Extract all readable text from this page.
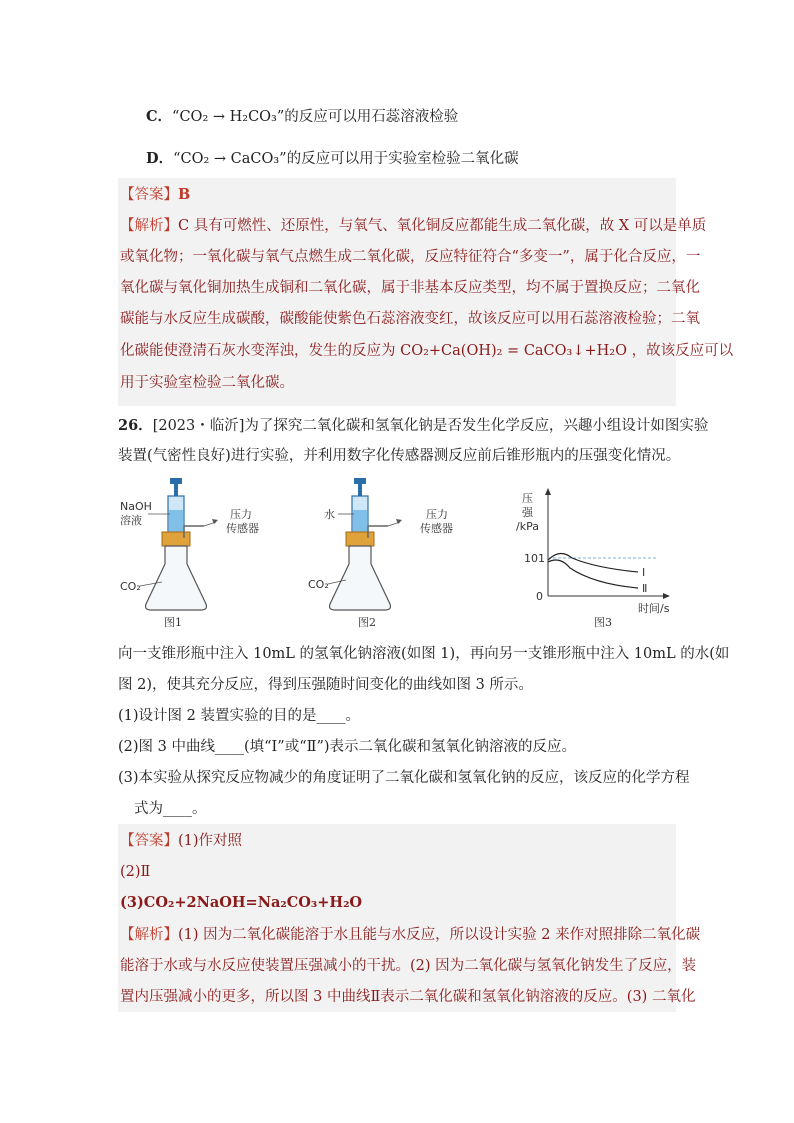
C．“CO₂ → H₂CO₃”的反应可以用石蕊溶液检验
D．“CO₂ → CaCO₃”的反应可以用于实验室检验二氧化碳
【答案】B
【解析】C 具有可燃性、还原性，与氧气、氧化铜反应都能生成二氧化碳，故 X 可以是单质
或氧化物；一氧化碳与氧气点燃生成二氧化碳，反应特征符合“多变一”，属于化合反应，一
氧化碳与氧化铜加热生成铜和二氧化碳，属于非基本反应类型，均不属于置换反应；二氧化
碳能与水反应生成碳酸，碳酸能使紫色石蕊溶液变红，故该反应可以用石蕊溶液检验；二氧
化碳能使澄清石灰水变浑浊，发生的反应为 CO₂+Ca(OH)₂ = CaCO₃↓+H₂O ，故该反应可以
用于实验室检验二氧化碳。
26．[2023・临沂]为了探究二氧化碳和氢氧化钠是否发生化学反应，兴趣小组设计如图实验
装置(气密性良好)进行实验，并利用数字化传感器测反应前后锥形瓶内的压强变化情况。
NaOH
溶液	压力
传感器
CO₂
图1
水	压力
传感器
CO₂
图2
压
强
/kPa
101
0
Ⅰ
Ⅱ
时间/s
图3
向一支锥形瓶中注入 10mL 的氢氧化钠溶液(如图 1)，再向另一支锥形瓶中注入 10mL 的水(如
图 2)，使其充分反应，得到压强随时间变化的曲线如图 3 所示。
(1)设计图 2 装置实验的目的是____。
(2)图 3 中曲线____(填“Ⅰ”或“Ⅱ”)表示二氧化碳和氢氧化钠溶液的反应。
(3)本实验从探究反应物减少的角度证明了二氧化碳和氢氧化钠的反应，该反应的化学方程
式为____。
【答案】(1)作对照
(2)Ⅱ
(3)CO₂+2NaOH=Na₂CO₃+H₂O
【解析】(1) 因为二氧化碳能溶于水且能与水反应，所以设计实验 2 来作对照排除二氧化碳
能溶于水或与水反应使装置压强减小的干扰。(2) 因为二氧化碳与氢氧化钠发生了反应，装
置内压强减小的更多，所以图 3 中曲线Ⅱ表示二氧化碳和氢氧化钠溶液的反应。(3) 二氧化
